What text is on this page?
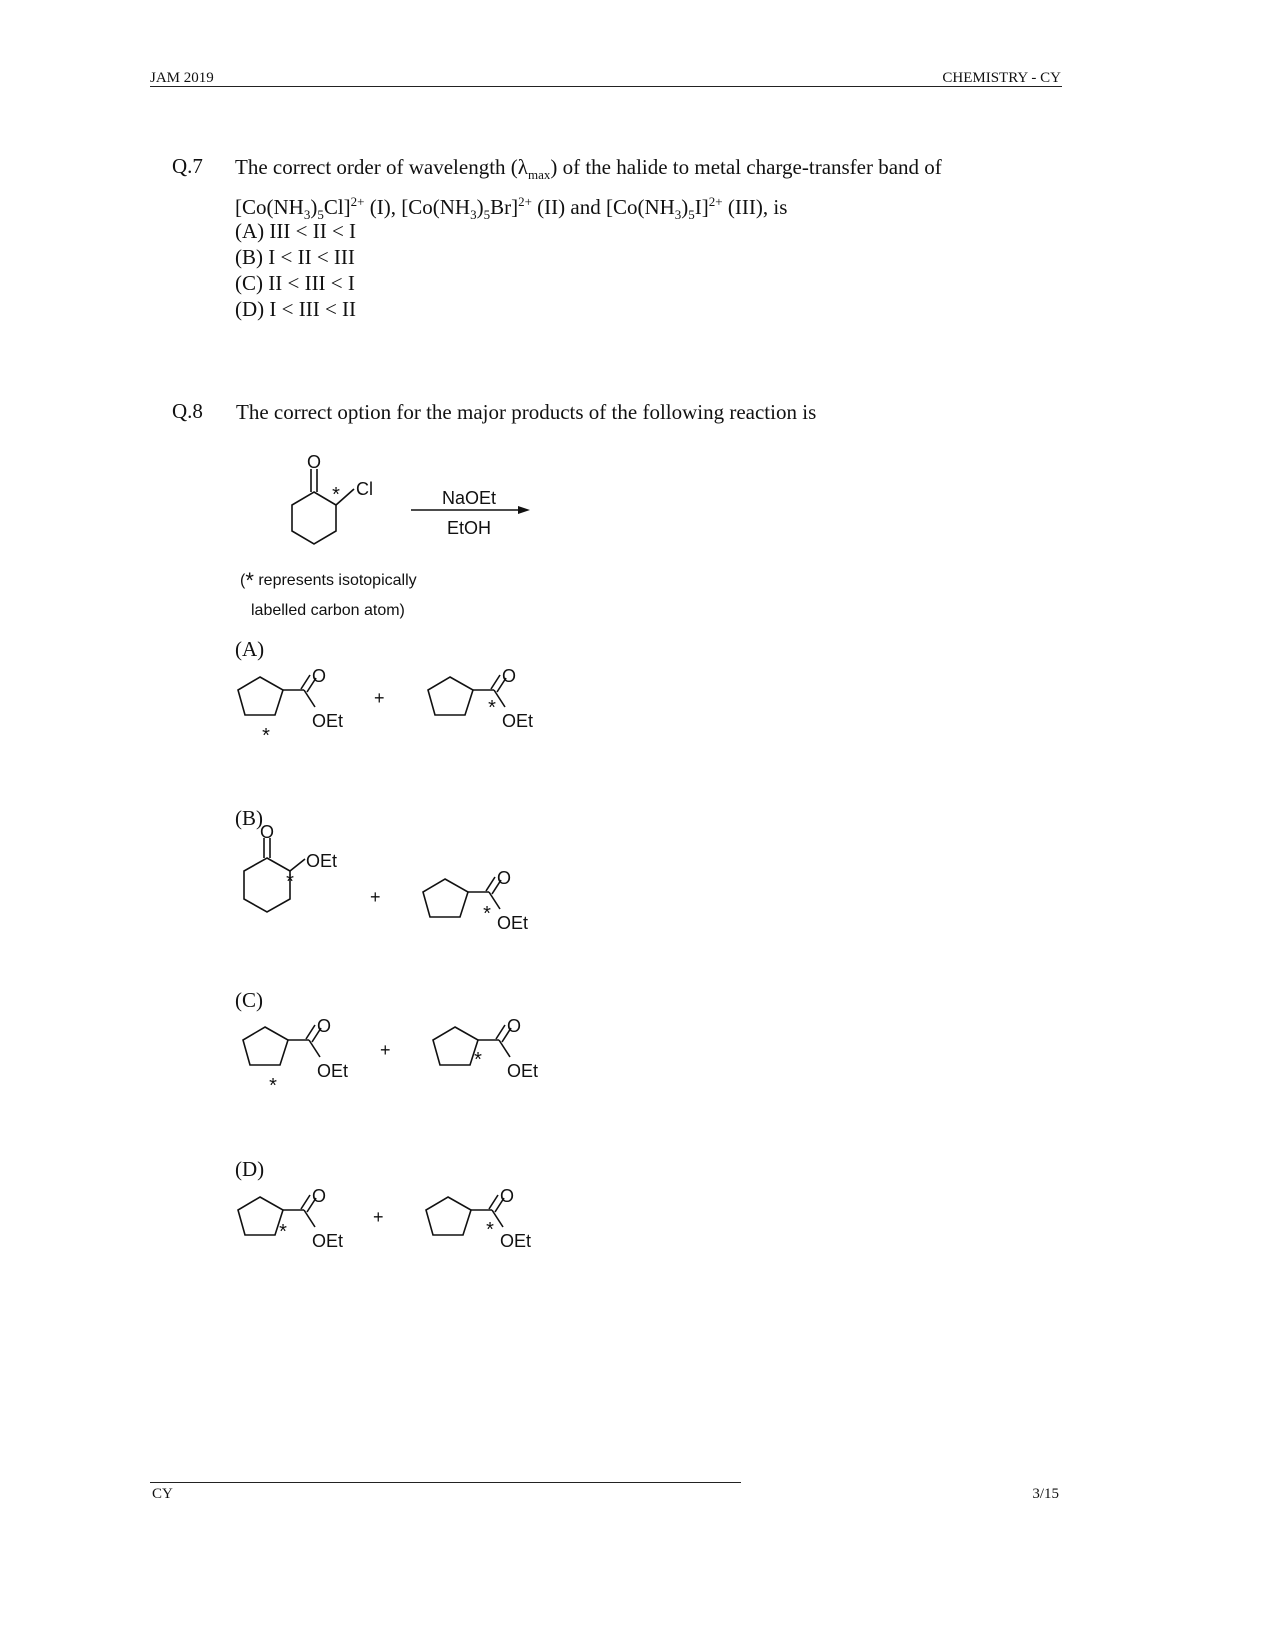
JAM 2019	CHEMISTRY - CY
Q.7 The correct order of wavelength $(\lambda_{max})$ of the halide to metal charge-transfer band of
$[Co(NH_3)_5Cl]^{2+}$ (I), $[Co(NH_3)_5Br]^{2+}$ (II) and $[Co(NH_3)_5I]^{2+}$ (III), is
(A) III < II < I
(B) I < II < III
(C) II < III < I
(D) I < III < II
Q.8 The correct option for the major products of the following reaction is
O
Cl
*	NaOEt
EtOH
(* represents isotopically
labelled carbon atom)
(A)
(B)
(C)
(D)
O
OEt
*
+
O
OEt
*
O
OEt
*
+
O
OEt
*
O
OEt
*
+
O
OEt
*
O
OEt
*
+
O
OEt
*
CY	3/15
